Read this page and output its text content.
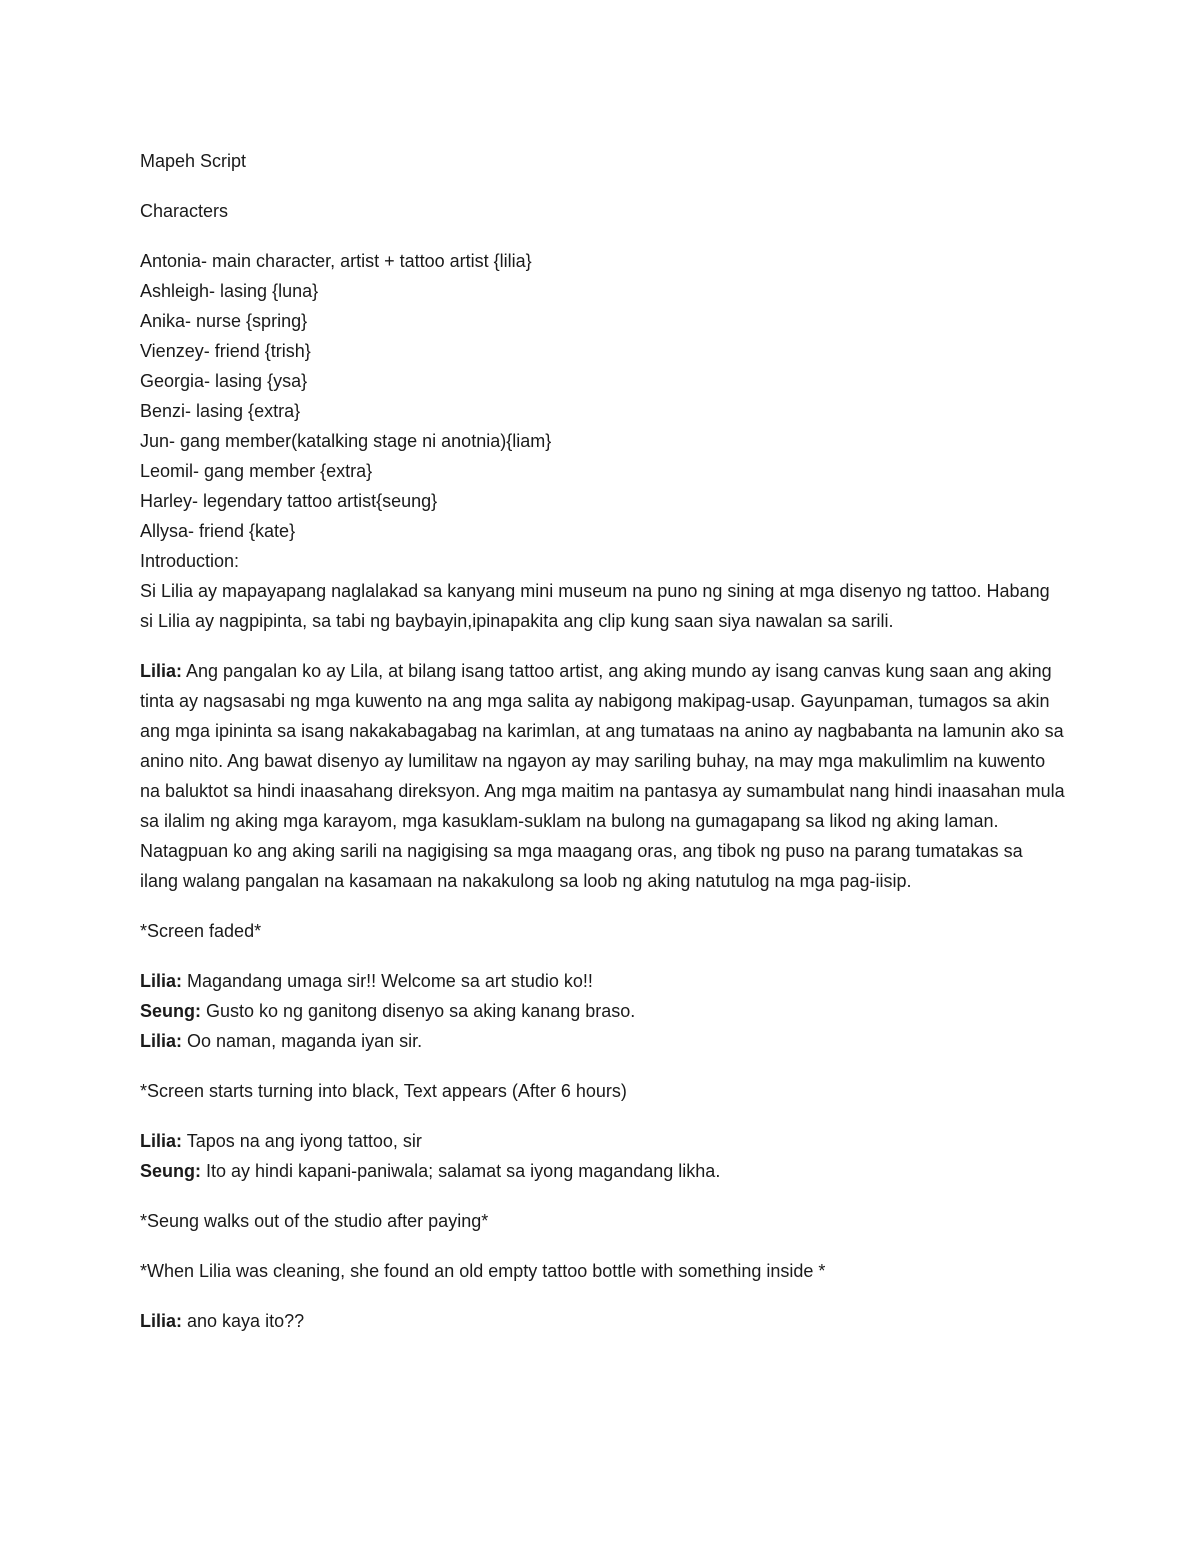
Mapeh Script

Characters

Antonia- main character, artist + tattoo artist {lilia}
Ashleigh- lasing {luna}
Anika- nurse {spring}
Vienzey- friend {trish}
Georgia- lasing {ysa}
Benzi- lasing {extra}
Jun- gang member(katalking stage ni anotnia){liam}
Leomil- gang member {extra}
Harley- legendary tattoo artist{seung}
Allysa- friend {kate}

Introduction:

Si Lilia ay mapayapang naglalakad sa kanyang mini museum na puno ng sining at mga disenyo ng tattoo. Habang si Lilia ay nagpipinta, sa tabi ng baybayin,ipinapakita ang clip kung saan siya nawalan sa sarili.

Lilia: Ang pangalan ko ay Lila, at bilang isang tattoo artist, ang aking mundo ay isang canvas kung saan ang aking tinta ay nagsasabi ng mga kuwento na ang mga salita ay nabigong makipag-usap. Gayunpaman, tumagos sa akin ang mga ipininta sa isang nakakabagabag na karimlan, at ang tumataas na anino ay nagbabanta na lamunin ako sa anino nito. Ang bawat disenyo ay lumilitaw na ngayon ay may sariling buhay, na may mga makulimlim na kuwento na baluktot sa hindi inaasahang direksyon. Ang mga maitim na pantasya ay sumambulat nang hindi inaasahan mula sa ilalim ng aking mga karayom, mga kasuklam-suklam na bulong na gumagapang sa likod ng aking laman. Natagpuan ko ang aking sarili na nagigising sa mga maagang oras, ang tibok ng puso na parang tumatakas sa ilang walang pangalan na kasamaan na nakakulong sa loob ng aking natutulog na mga pag-iisip.

*Screen faded*

Lilia: Magandang umaga sir!! Welcome sa art studio ko!!

Seung: Gusto ko ng ganitong disenyo sa aking kanang braso.

Lilia: Oo naman, maganda iyan sir.

*Screen starts turning into black, Text appears (After 6 hours)

Lilia: Tapos na ang iyong tattoo, sir

Seung: Ito ay hindi kapani-paniwala; salamat sa iyong magandang likha.

*Seung walks out of the studio after paying*

*When Lilia was cleaning, she found an old empty tattoo bottle with something inside *

Lilia: ano kaya ito??
